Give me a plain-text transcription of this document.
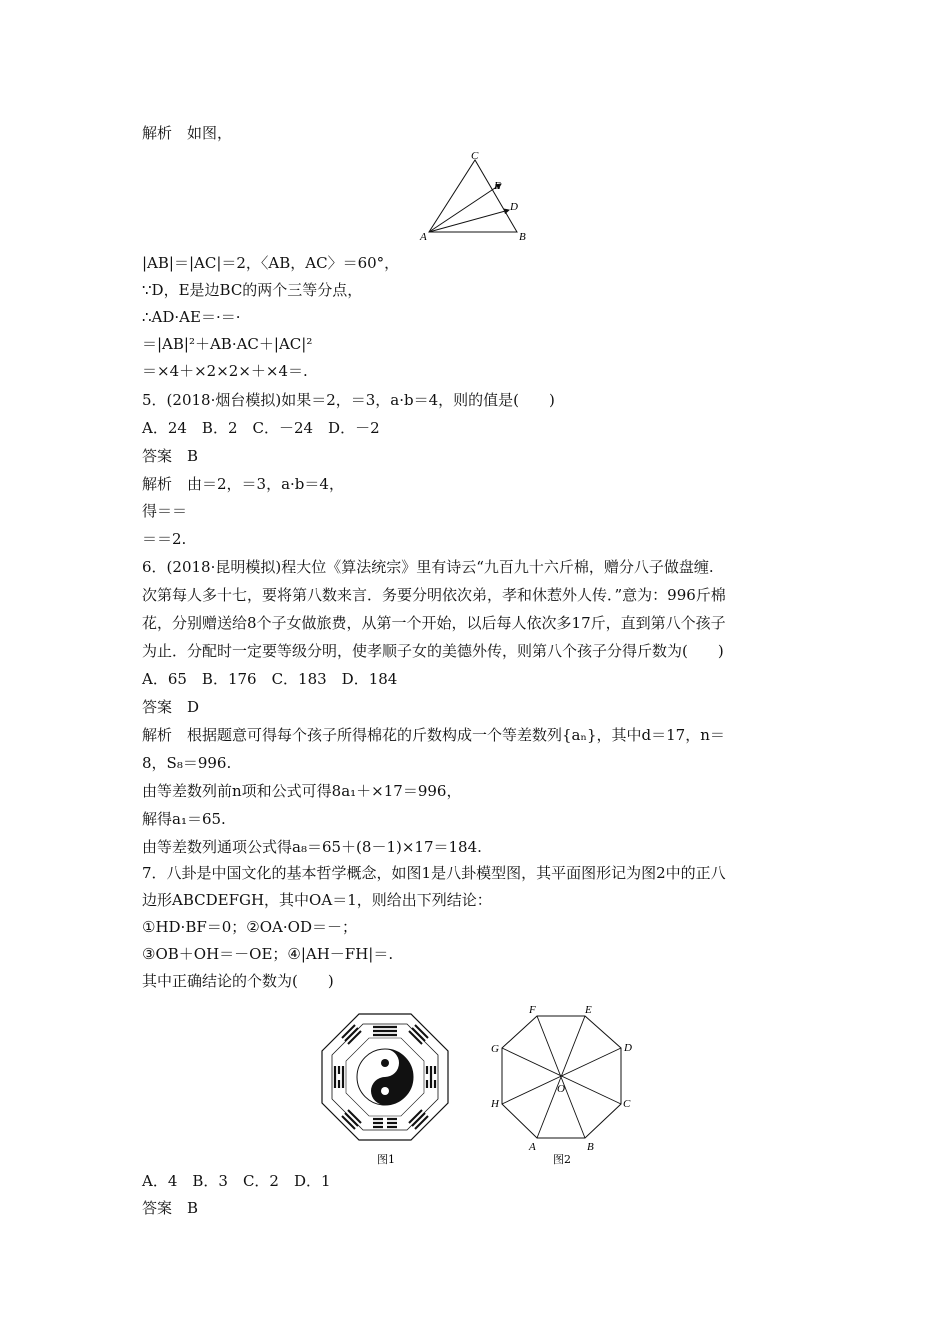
解析　如图，
C
E
D
A	B
|AB|＝|AC|＝2，〈AB，AC〉＝60°，
∵D，E是边BC的两个三等分点，
∴AD·AE＝·＝·
＝|AB|²＋AB·AC＋|AC|²
＝×4＋×2×2×＋×4＝.
5．(2018·烟台模拟)如果＝2，＝3，a·b＝4，则的值是(　　)
A．24　B．2　C．－24　D．－2
答案　B
解析　由＝2，＝3，a·b＝4，
得＝＝
＝＝2.
6．(2018·昆明模拟)程大位《算法统宗》里有诗云“九百九十六斤棉，赠分八子做盘缠.
次第每人多十七，要将第八数来言．务要分明依次弟，孝和休惹外人传．”意为：996斤棉
花，分别赠送给8个子女做旅费，从第一个开始，以后每人依次多17斤，直到第八个孩子
为止．分配时一定要等级分明，使孝顺子女的美德外传，则第八个孩子分得斤数为(　　)
A．65　B．176　C．183　D．184
答案　D
解析　根据题意可得每个孩子所得棉花的斤数构成一个等差数列{aₙ}，其中d＝17，n＝
8，S₈＝996.
由等差数列前n项和公式可得8a₁＋×17＝996，
解得a₁＝65.
由等差数列通项公式得a₈＝65＋(8－1)×17＝184.
7．八卦是中国文化的基本哲学概念，如图1是八卦模型图，其平面图形记为图2中的正八
边形ABCDEFGH，其中OA＝1，则给出下列结论：
①HD·BF＝0；②OA·OD＝－；
③OB＋OH＝－OE；④|AH－FH|＝.
其中正确结论的个数为(　　)
图1
F	E
D
G
H	C
A	B
O
图2
A．4　B．3　C．2　D．1
答案　B
